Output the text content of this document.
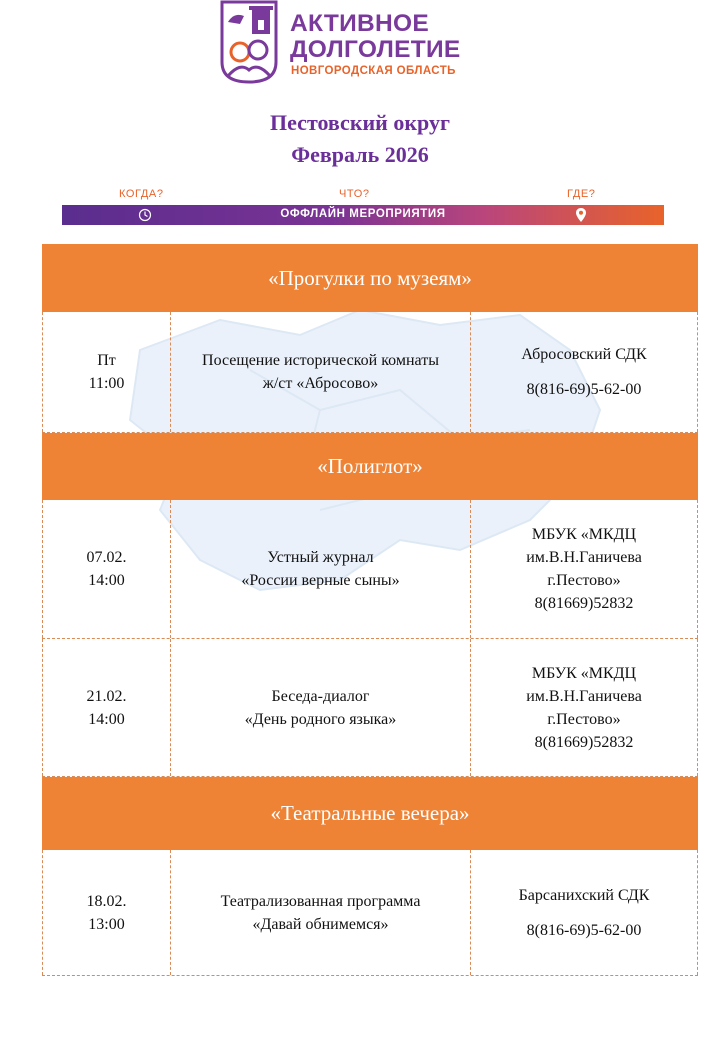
АКТИВНОЕ
ДОЛГОЛЕТИЕ
НОВГОРОДСКАЯ ОБЛАСТЬ
Пестовский округ
Февраль 2026
КОГДА?	ЧТО?	ГДЕ?
ОФФЛАЙН МЕРОПРИЯТИЯ
«Прогулки по музеям»
Пт
11:00
Посещение исторической комнаты
ж/ст «Абросово»
Абросовский СДК
8(816-69)5-62-00
«Полиглот»
07.02.
14:00
Устный журнал
«России верные сыны»
МБУК «МКДЦ
им.В.Н.Ганичева
г.Пестово»
8(81669)52832
21.02.
14:00
Беседа-диалог
«День родного языка»
МБУК «МКДЦ
им.В.Н.Ганичева
г.Пестово»
8(81669)52832
«Театральные вечера»
18.02.
13:00
Театрализованная программа
«Давай обнимемся»
Барсанихский СДК
8(816-69)5-62-00
